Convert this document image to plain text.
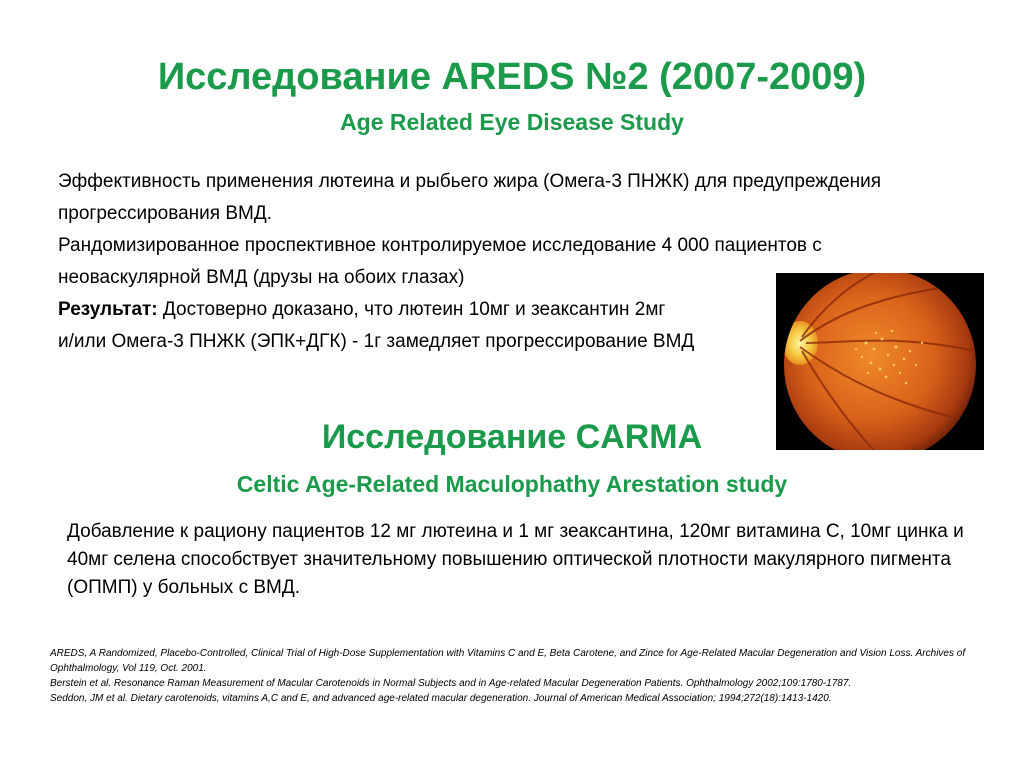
Исследование AREDS №2 (2007-2009)
Age Related Eye Disease Study

Эффективность применения лютеина и рыбьего жира (Омега-3 ПНЖК) для предупреждения
прогрессирования ВМД.
Рандомизированное проспективное контролируемое исследование 4 000 пациентов с
неоваскулярной ВМД (друзы на обоих глазах)
Результат: Достоверно доказано, что лютеин 10мг и зеаксантин 2мг
и/или Омега-3 ПНЖК (ЭПК+ДГК) - 1г замедляет прогрессирование ВМД

Исследование CARMA
Celtic Age-Related Maculophathy Arestation study

Добавление к рациону пациентов 12 мг лютеина и 1 мг зеаксантина, 120мг витамина С, 10мг цинка и 40мг селена способствует значительному повышению оптической плотности макулярного пигмента (ОПМП) у больных с ВМД.

AREDS, A Randomized, Placebo-Controlled, Clinical Trial of High-Dose Supplementation with Vitamins C and E, Beta Carotene, and Zince for Age-Related Macular Degeneration and Vision Loss. Archives of Ophthalmology, Vol 119, Oct. 2001.
Berstein et al. Resonance Raman Measurement of Macular Carotenoids in Normal Subjects and in Age-related Macular Degeneration Patients. Ophthalmology 2002;109:1780-1787.
Seddon, JM et al. Dietary carotenoids, vitamins A,C and E, and advanced age-related macular degeneration. Journal of American Medical Association; 1994;272(18):1413-1420.
